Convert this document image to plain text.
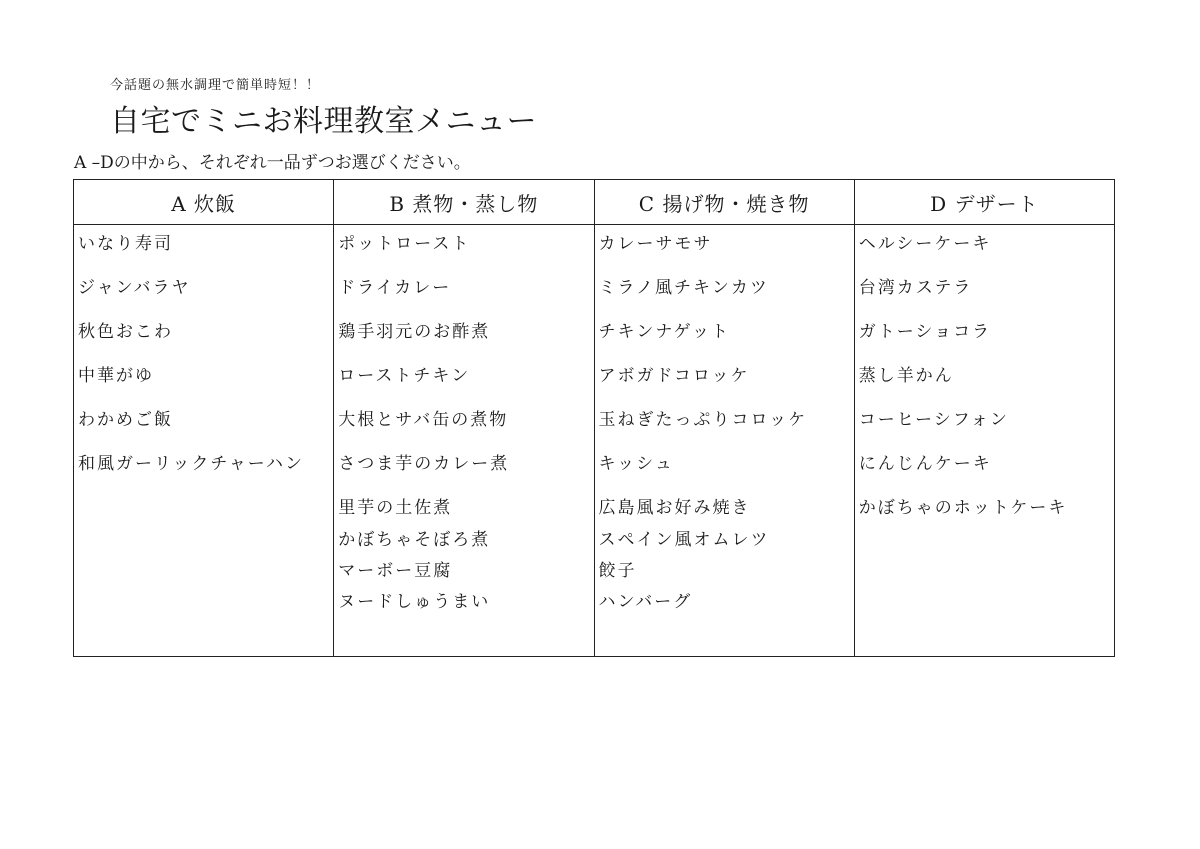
今話題の無水調理で簡単時短！！
自宅でミニお料理教室メニュー
A –Dの中から、それぞれ一品ずつお選びください。
A 炊飯
いなり寿司
ジャンバラヤ
秋色おこわ
中華がゆ
わかめご飯
和風ガーリックチャーハン
B 煮物・蒸し物
ポットロースト
ドライカレー
鶏手羽元のお酢煮
ローストチキン
大根とサバ缶の煮物
さつま芋のカレー煮
里芋の土佐煮
かぼちゃそぼろ煮
マーボー豆腐
ヌードしゅうまい
C 揚げ物・焼き物
カレーサモサ
ミラノ風チキンカツ
チキンナゲット
アボガドコロッケ
玉ねぎたっぷりコロッケ
キッシュ
広島風お好み焼き
スペイン風オムレツ
餃子
ハンバーグ
D デザート
ヘルシーケーキ
台湾カステラ
ガトーショコラ
蒸し羊かん
コーヒーシフォン
にんじんケーキ
かぼちゃのホットケーキ
